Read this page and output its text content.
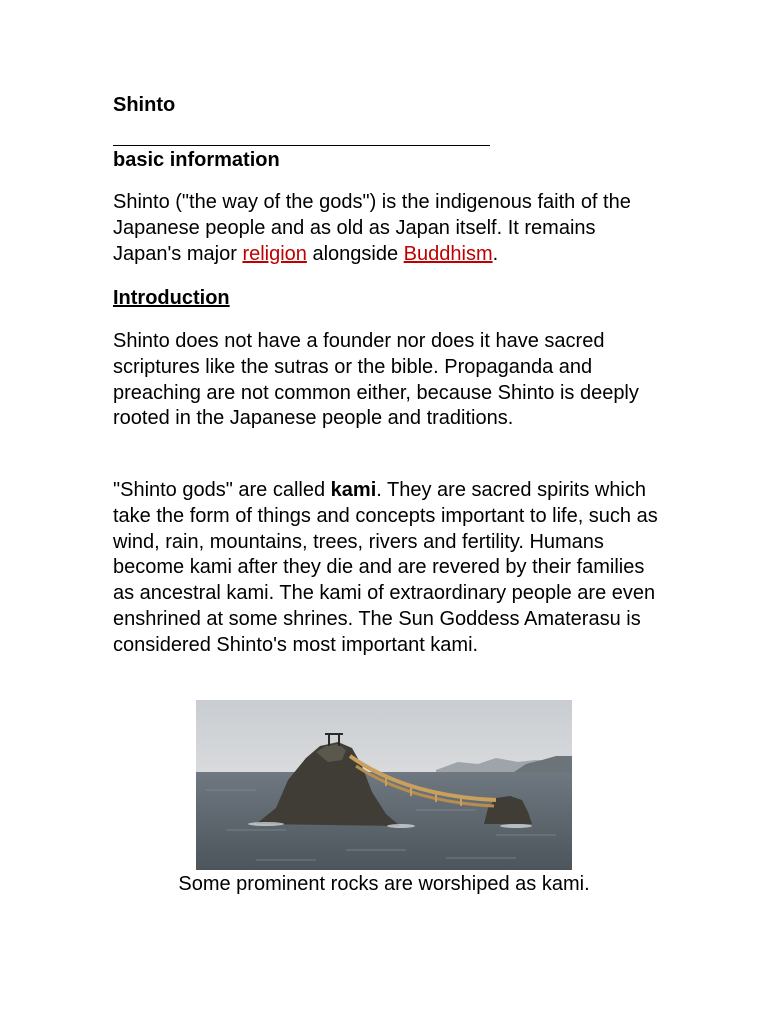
Shinto
basic information

Shinto ("the way of the gods") is the indigenous faith of the Japanese people and as old as Japan itself. It remains Japan's major religion alongside Buddhism.

Introduction

Shinto does not have a founder nor does it have sacred scriptures like the sutras or the bible. Propaganda and preaching are not common either, because Shinto is deeply rooted in the Japanese people and traditions.

"Shinto gods" are called kami. They are sacred spirits which take the form of things and concepts important to life, such as wind, rain, mountains, trees, rivers and fertility. Humans become kami after they die and are revered by their families as ancestral kami. The kami of extraordinary people are even enshrined at some shrines. The Sun Goddess Amaterasu is considered Shinto's most important kami.

Some prominent rocks are worshiped as kami.
